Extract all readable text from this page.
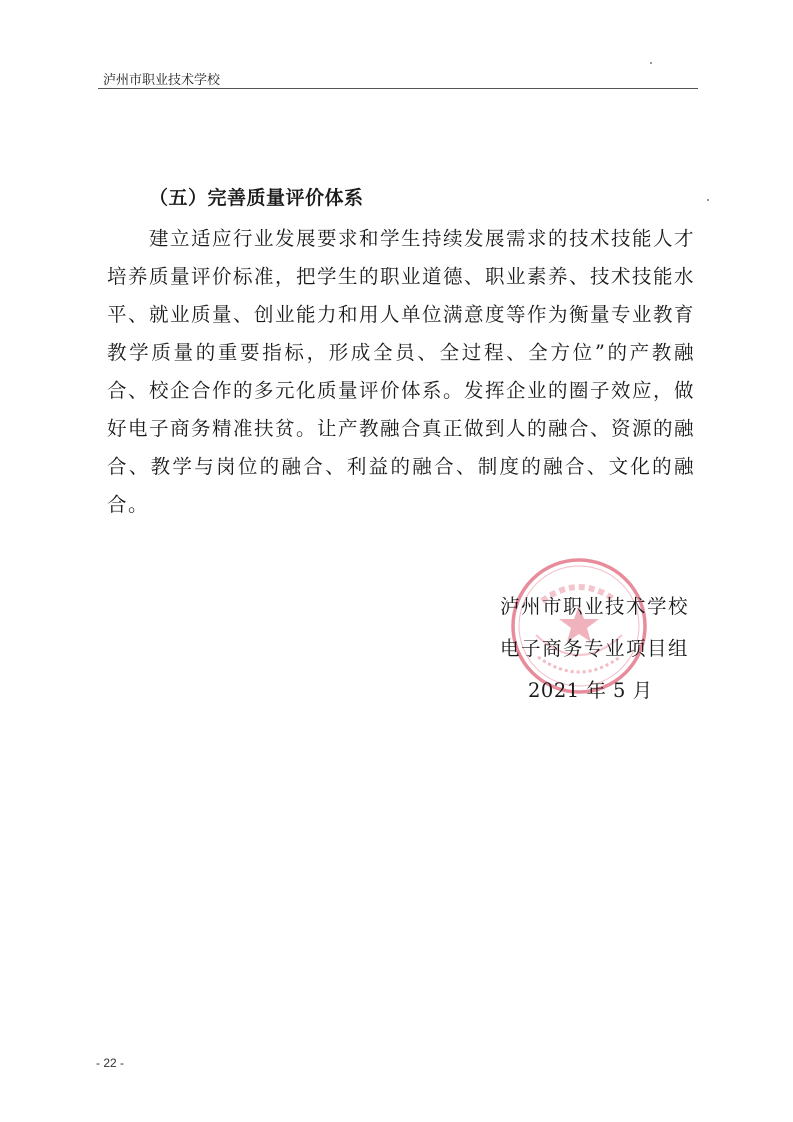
泸州市职业技术学校
（五）完善质量评价体系

建立适应行业发展要求和学生持续发展需求的技术技能人才培养质量评价标准，把学生的职业道德、职业素养、技术技能水平、就业质量、创业能力和用人单位满意度等作为衡量专业教育教学质量的重要指标，形成全员、全过程、全方位”的产教融合、校企合作的多元化质量评价体系。发挥企业的圈子效应，做好电子商务精准扶贫。让产教融合真正做到人的融合、资源的融合、教学与岗位的融合、利益的融合、制度的融合、文化的融合。

泸州市职业技术学校
电子商务专业项目组
2021 年 5 月
- 22 -
